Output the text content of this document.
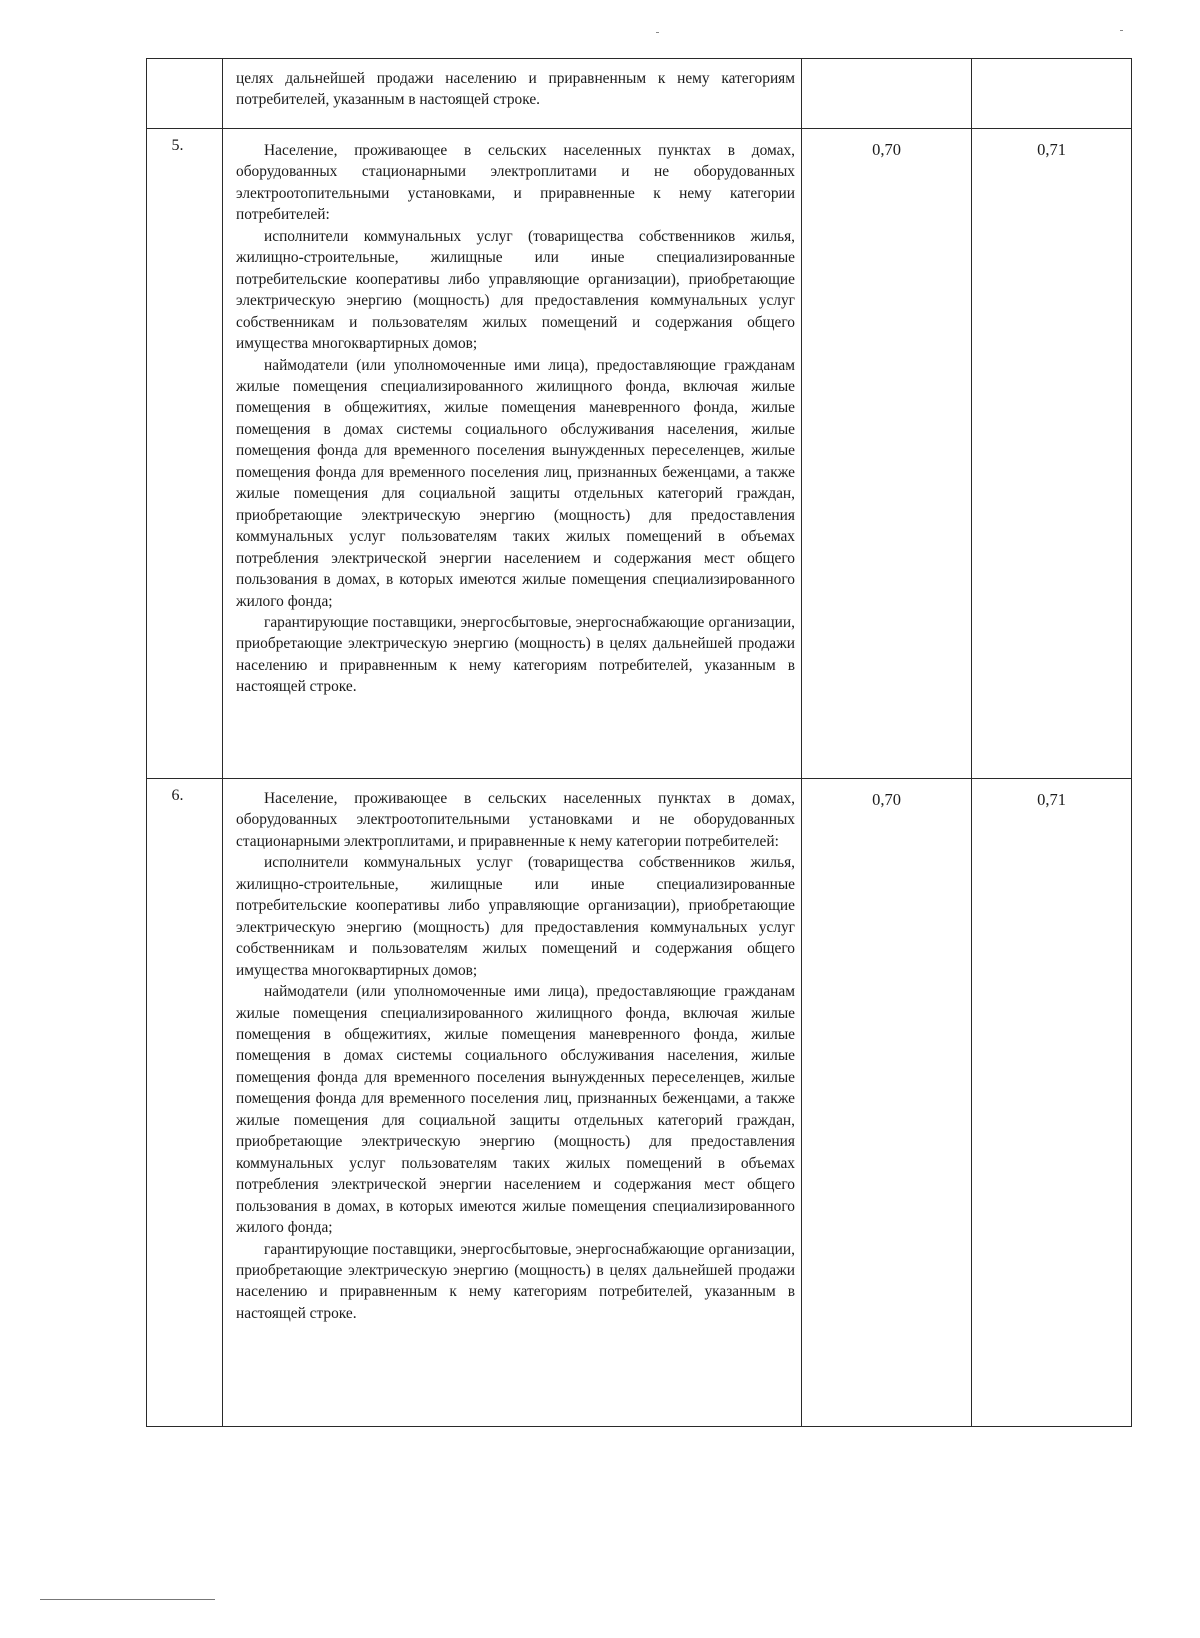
	целях дальнейшей продажи населению и приравненным к нему категориям потребителей, указанным в настоящей строке.		

5.	Население, проживающее в сельских населенных пунктах в домах, оборудованных стационарными электроплитами и не оборудованных электроотопительными установками, и приравненные к нему категории потребителей:

исполнители коммунальных услуг (товарищества собственников жилья, жилищно-строительные, жилищные или иные специализированные потребительские кооперативы либо управляющие организации), приобретающие электрическую энергию (мощность) для предоставления коммунальных услуг собственникам и пользователям жилых помещений и содержания общего имущества многоквартирных домов;

наймодатели (или уполномоченные ими лица), предоставляющие гражданам жилые помещения специализированного жилищного фонда, включая жилые помещения в общежитиях, жилые помещения маневренного фонда, жилые помещения в домах системы социального обслуживания населения, жилые помещения фонда для временного поселения вынужденных переселенцев, жилые помещения фонда для временного поселения лиц, признанных беженцами, а также жилые помещения для социальной защиты отдельных категорий граждан, приобретающие электрическую энергию (мощность) для предоставления коммунальных услуг пользователям таких жилых помещений в объемах потребления электрической энергии населением и содержания мест общего пользования в домах, в которых имеются жилые помещения специализированного жилого фонда;

гарантирующие поставщики, энергосбытовые, энергоснабжающие организации, приобретающие электрическую энергию (мощность) в целях дальнейшей продажи населению и приравненным к нему категориям потребителей, указанным в настоящей строке.	0,70	0,71
6.	Население, проживающее в сельских населенных пунктах в домах, оборудованных электроотопительными установками и не оборудованных стационарными электроплитами, и приравненные к нему категории потребителей:

исполнители коммунальных услуг (товарищества собственников жилья, жилищно-строительные, жилищные или иные специализированные потребительские кооперативы либо управляющие организации), приобретающие электрическую энергию (мощность) для предоставления коммунальных услуг собственникам и пользователям жилых помещений и содержания общего имущества многоквартирных домов;

наймодатели (или уполномоченные ими лица), предоставляющие гражданам жилые помещения специализированного жилищного фонда, включая жилые помещения в общежитиях, жилые помещения маневренного фонда, жилые помещения в домах системы социального обслуживания населения, жилые помещения фонда для временного поселения вынужденных переселенцев, жилые помещения фонда для временного поселения лиц, признанных беженцами, а также жилые помещения для социальной защиты отдельных категорий граждан, приобретающие электрическую энергию (мощность) для предоставления коммунальных услуг пользователям таких жилых помещений в объемах потребления электрической энергии населением и содержания мест общего пользования в домах, в которых имеются жилые помещения специализированного жилого фонда;

гарантирующие поставщики, энергосбытовые, энергоснабжающие организации, приобретающие электрическую энергию (мощность) в целях дальнейшей продажи населению и приравненным к нему категориям потребителей, указанным в настоящей строке.	0,70	0,71
